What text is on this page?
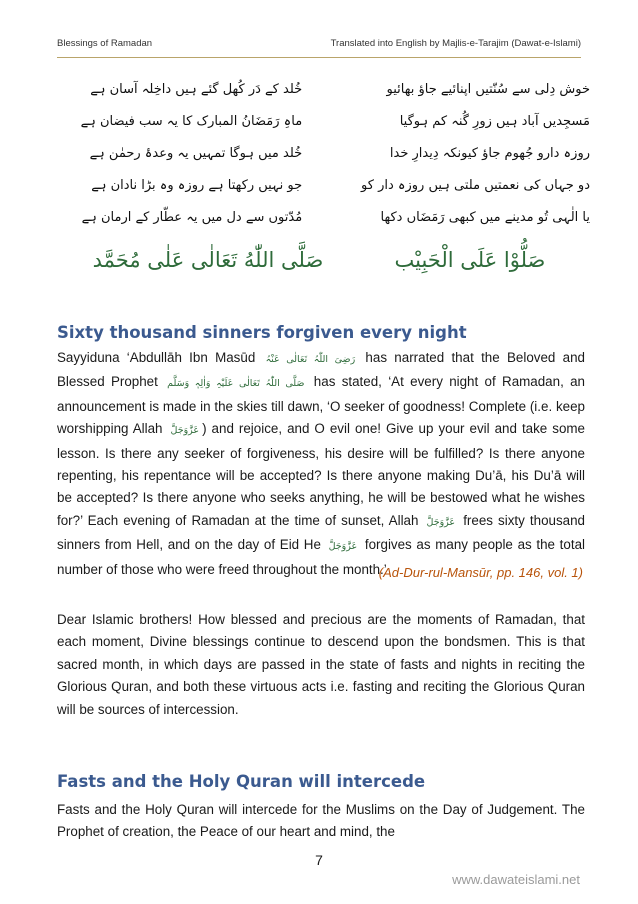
Blessings of Ramadan	Translated into English by Majlis-e-Tarajim (Dawat-e-Islami)
خوش دِلی سے سُنّتیں اپنائیے جاؤ بھائیو
خُلد کے دَر کُھل گئے ہیں داخِلہ آسان ہے
مَسجِدیں آباد ہیں زورِ گُنہ کم ہوگیا
ماہِ رَمَضَانُ المبارک کا یہ سب فیضان ہے
روزہ دارو جُھوم جاؤ کیونکہ دِیدارِ خدا
خُلد میں ہوگا تمہیں یہ وعدۂ رحمٰن ہے
دو جہاں کی نعمتیں ملتی ہیں روزہ دار کو
جو نہیں رکھتا ہے روزہ وہ بڑا نادان ہے
یا الٰہی تُو مدینے میں کبھی رَمَضَاں دکھا
مُدّتوں سے دل میں یہ عطّار کے ارمان ہے
صَلُّوْا عَلَى الْحَبِيْب
صَلَّى اللّٰهُ تَعَالٰى عَلٰى مُحَمَّد
Sixty thousand sinners forgiven every night

Sayyiduna ‘Abdullāh Ibn Masūd رَضِیَ اللّٰہُ تَعَالٰی عَنْہُ has narrated that the Beloved and Blessed Prophet صَلَّی اللّٰہُ تَعَالٰی عَلَیْہِ وَاٰلِہٖ وَسَلَّم has stated, ‘At every night of Ramadan, an announcement is made in the skies till dawn, ‘O seeker of goodness! Complete (i.e. keep worshipping Allah عَزَّوَجَلَّ ) and rejoice, and O evil one! Give up your evil and take some lesson. Is there any seeker of forgiveness, his desire will be fulfilled? Is there anyone repenting, his repentance will be accepted? Is there anyone making Du’ā, his Du’ā will be accepted? Is there anyone who seeks anything, he will be bestowed what he wishes for?’ Each evening of Ramadan at the time of sunset, Allah عَزَّوَجَلَّ frees sixty thousand sinners from Hell, and on the day of Eid He عَزَّوَجَلَّ forgives as many people as the total number of those who were freed throughout the month.’

(Ad-Dur-rul-Mansūr, pp. 146, vol. 1)

Dear Islamic brothers! How blessed and precious are the moments of Ramadan, that each moment, Divine blessings continue to descend upon the bondsmen. This is that sacred month, in which days are passed in the state of fasts and nights in reciting the Glorious Quran, and both these virtuous acts i.e. fasting and reciting the Glorious Quran will be sources of intercession.

Fasts and the Holy Quran will intercede

Fasts and the Holy Quran will intercede for the Muslims on the Day of Judgement. The Prophet of creation, the Peace of our heart and mind, the

7
www.dawateislami.net
